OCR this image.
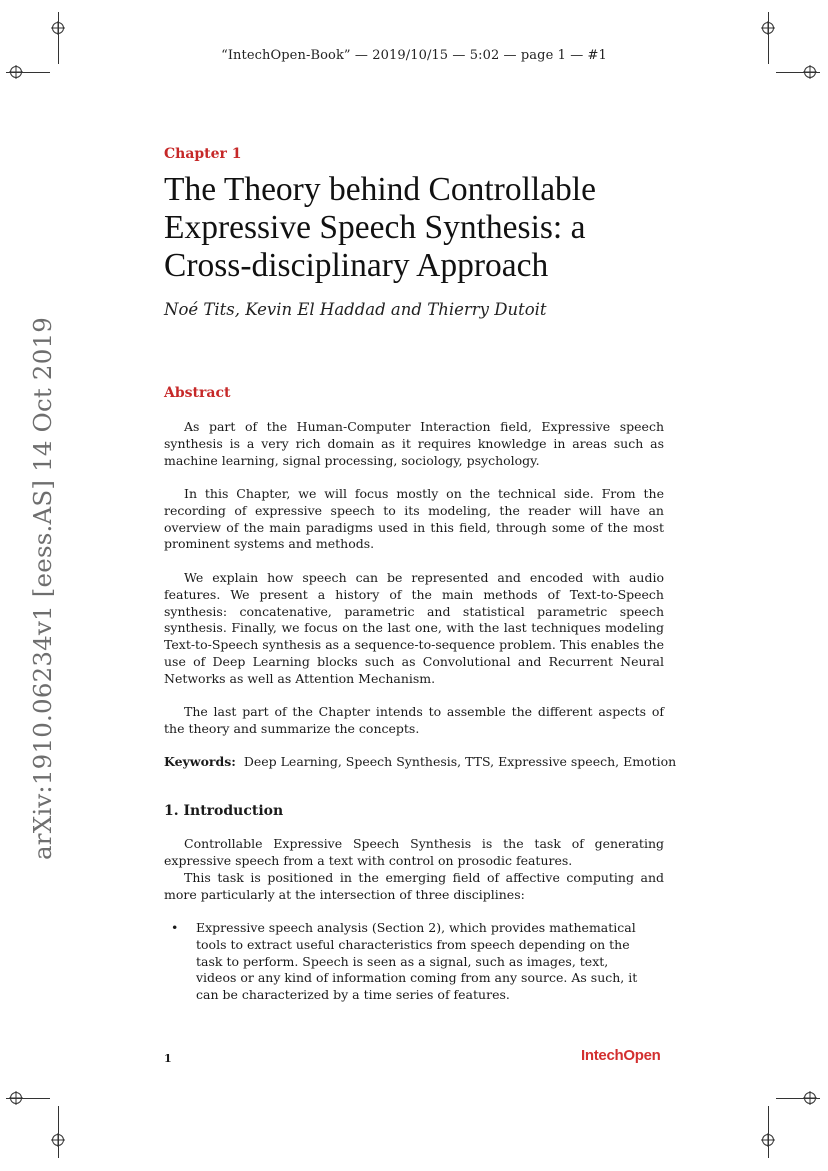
“IntechOpen-Book” — 2019/10/15 — 5:02 — page 1 — #1
arXiv:1910.06234v1 [eess.AS] 14 Oct 2019
Chapter 1
The Theory behind Controllable Expressive Speech Synthesis: a Cross-disciplinary Approach
Noé Tits, Kevin El Haddad and Thierry Dutoit
Abstract

As part of the Human-Computer Interaction field, Expressive speech synthesis is a very rich domain as it requires knowledge in areas such as machine learning, signal processing, sociology, psychology.

In this Chapter, we will focus mostly on the technical side. From the recording of expressive speech to its modeling, the reader will have an overview of the main paradigms used in this field, through some of the most prominent systems and methods.

We explain how speech can be represented and encoded with audio features. We present a history of the main methods of Text-to-Speech synthesis: concatenative, parametric and statistical parametric speech synthesis. Finally, we focus on the last one, with the last techniques modeling Text-to-Speech synthesis as a sequence-to-sequence problem. This enables the use of Deep Learning blocks such as Convolutional and Recurrent Neural Networks as well as Attention Mechanism.

The last part of the Chapter intends to assemble the different aspects of the theory and summarize the concepts.

Keywords: Deep Learning, Speech Synthesis, TTS, Expressive speech, Emotion
1. Introduction

Controllable Expressive Speech Synthesis is the task of generating expressive speech from a text with control on prosodic features.

This task is positioned in the emerging field of affective computing and more particularly at the intersection of three disciplines:

• Expressive speech analysis (Section 2), which provides mathematical tools to extract useful characteristics from speech depending on the task to perform. Speech is seen as a signal, such as images, text, videos or any kind of information coming from any source. As such, it can be characterized by a time series of features.
1	IntechOpen
